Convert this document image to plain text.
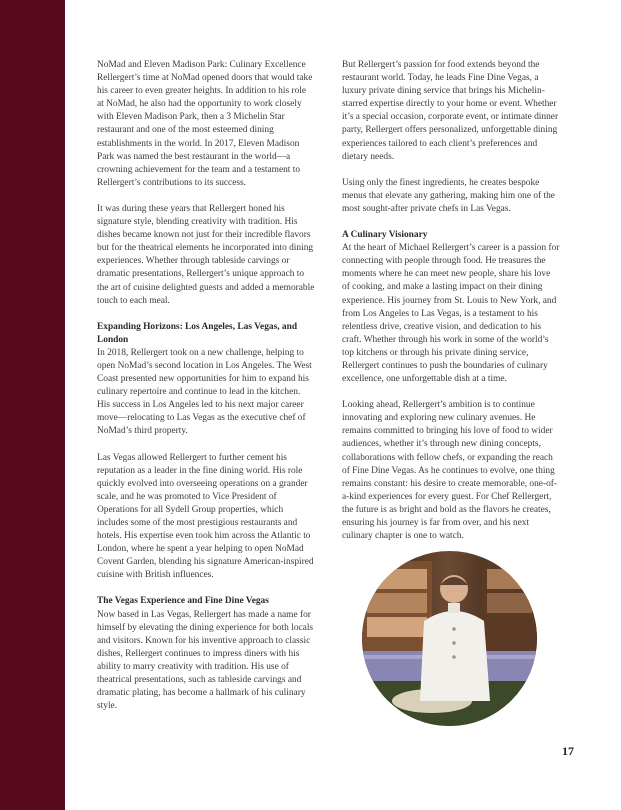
NoMad and Eleven Madison Park: Culinary Excellence Rellergert’s time at NoMad opened doors that would take his career to even greater heights. In addition to his role at NoMad, he also had the opportunity to work closely with Eleven Madison Park, then a 3 Michelin Star restaurant and one of the most esteemed dining establishments in the world. In 2017, Eleven Madison Park was named the best restaurant in the world—a crowning achievement for the team and a testament to Rellergert’s contributions to its success.

It was during these years that Rellergert honed his signature style, blending creativity with tradition. His dishes became known not just for their incredible flavors but for the theatrical elements he incorporated into dining experiences. Whether through tableside carvings or dramatic presentations, Rellergert’s unique approach to the art of cuisine delighted guests and added a memorable touch to each meal.

Expanding Horizons: Los Angeles, Las Vegas, and London

In 2018, Rellergert took on a new challenge, helping to open NoMad’s second location in Los Angeles. The West Coast presented new opportunities for him to expand his culinary repertoire and continue to lead in the kitchen. His success in Los Angeles led to his next major career move—relocating to Las Vegas as the executive chef of NoMad’s third property.

Las Vegas allowed Rellergert to further cement his reputation as a leader in the fine dining world. His role quickly evolved into overseeing operations on a grander scale, and he was promoted to Vice President of Operations for all Sydell Group properties, which includes some of the most prestigious restaurants and hotels. His expertise even took him across the Atlantic to London, where he spent a year helping to open NoMad Covent Garden, blending his signature American-inspired cuisine with British influences.

The Vegas Experience and Fine Dine Vegas

Now based in Las Vegas, Rellergert has made a name for himself by elevating the dining experience for both locals and visitors. Known for his inventive approach to classic dishes, Rellergert continues to impress diners with his ability to marry creativity with tradition. His use of theatrical presentations, such as tableside carvings and dramatic plating, has become a hallmark of his culinary style.

But Rellergert’s passion for food extends beyond the restaurant world. Today, he leads Fine Dine Vegas, a luxury private dining service that brings his Michelin-starred expertise directly to your home or event. Whether it’s a special occasion, corporate event, or intimate dinner party, Rellergert offers personalized, unforgettable dining experiences tailored to each client’s preferences and dietary needs.

Using only the finest ingredients, he creates bespoke menus that elevate any gathering, making him one of the most sought-after private chefs in Las Vegas.

A Culinary Visionary

At the heart of Michael Rellergert’s career is a passion for connecting with people through food. He treasures the moments where he can meet new people, share his love of cooking, and make a lasting impact on their dining experience. His journey from St. Louis to New York, and from Los Angeles to Las Vegas, is a testament to his relentless drive, creative vision, and dedication to his craft. Whether through his work in some of the world’s top kitchens or through his private dining service, Rellergert continues to push the boundaries of culinary excellence, one unforgettable dish at a time.

Looking ahead, Rellergert’s ambition is to continue innovating and exploring new culinary avenues. He remains committed to bringing his love of food to wider audiences, whether it’s through new dining concepts, collaborations with fellow chefs, or expanding the reach of Fine Dine Vegas. As he continues to evolve, one thing remains constant: his desire to create memorable, one-of-a-kind experiences for every guest. For Chef Rellergert, the future is as bright and bold as the flavors he creates, ensuring his journey is far from over, and his next culinary chapter is one to watch.

17
